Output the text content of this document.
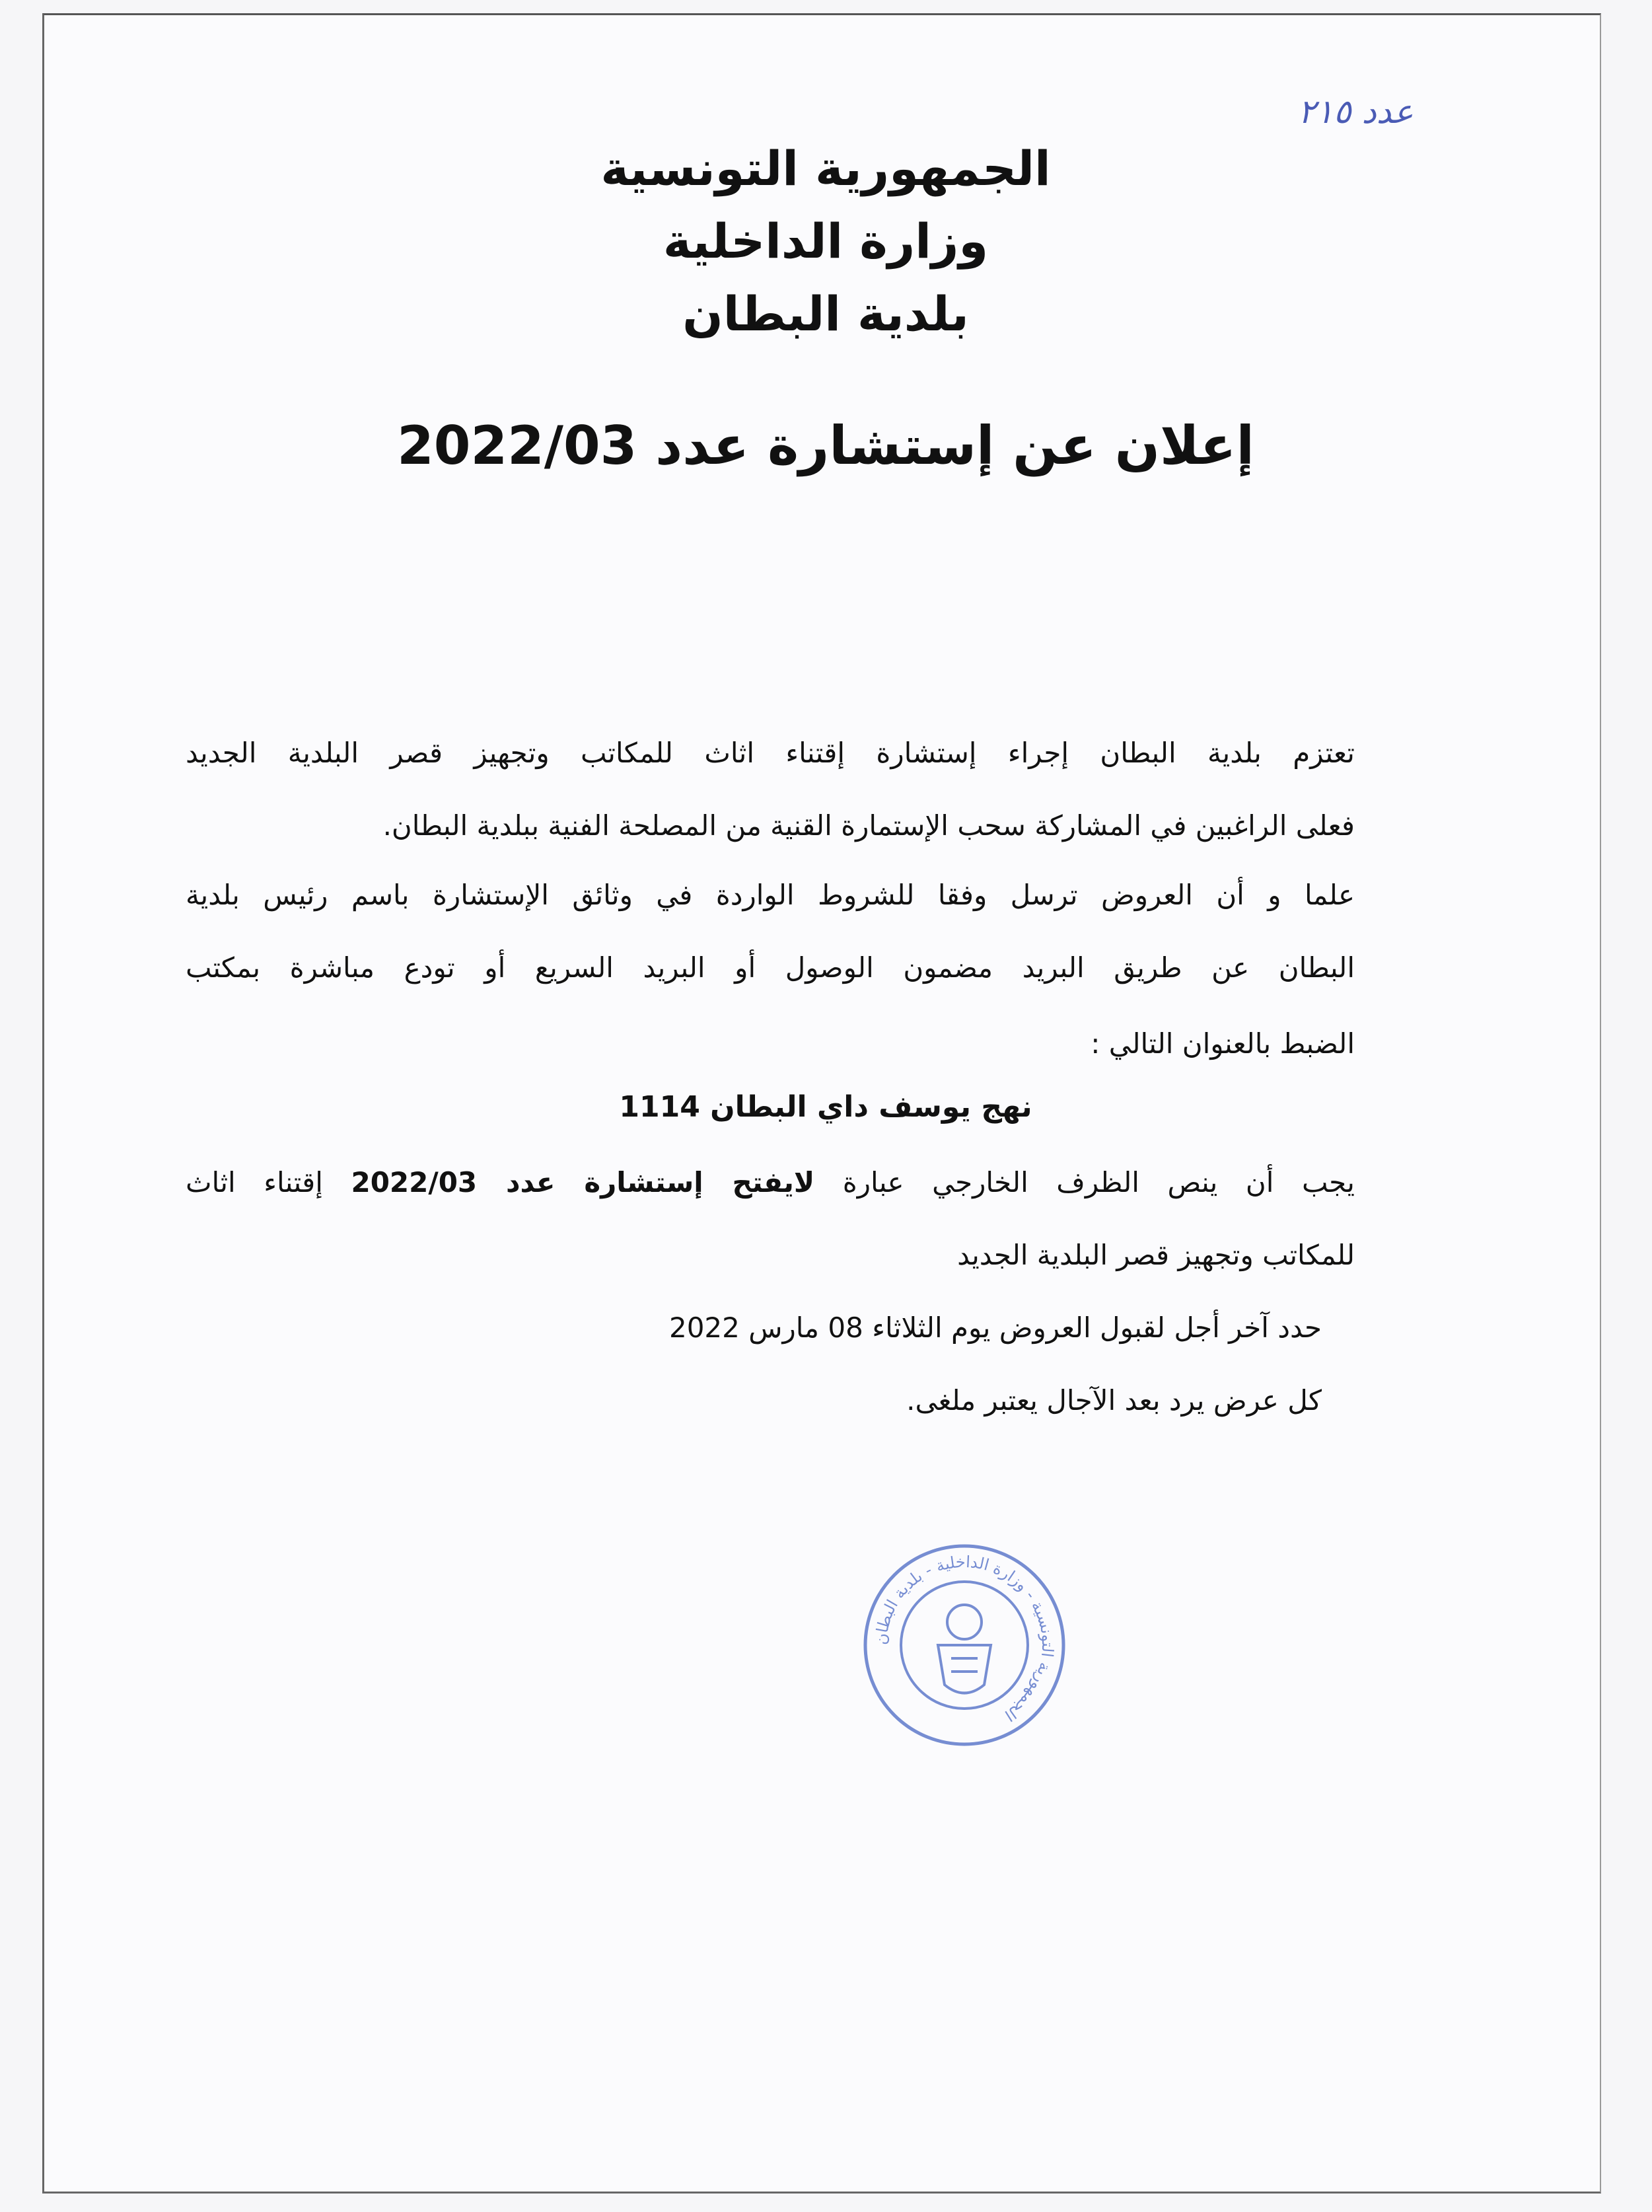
عدد ٢١٥
الجمهورية التونسية
وزارة الداخلية
بلدية البطان
إعلان عن إستشارة عدد 2022/03
تعتزم بلدية البطان إجراء إستشارة إقتناء اثاث للمكاتب وتجهيز قصر البلدية الجديد
فعلى الراغبين في المشاركة سحب الإستمارة القنية من المصلحة الفنية ببلدية البطان.
علما و أن العروض ترسل وفقا للشروط الواردة في وثائق الإستشارة باسم رئيس بلدية
البطان عن طريق البريد مضمون الوصول أو البريد السريع أو تودع مباشرة بمكتب
الضبط بالعنوان التالي :
نهج يوسف داي البطان 1114
يجب أن ينص الظرف الخارجي عبارة لايفتح إستشارة عدد 2022/03 إقتناء اثاث
للمكاتب وتجهيز قصر البلدية الجديد
حدد آخر أجل لقبول العروض يوم الثلاثاء 08 مارس 2022
كل عرض يرد بعد الآجال يعتبر ملغى.
الجمهورية التونسية - وزارة الداخلية - بلدية البطان
